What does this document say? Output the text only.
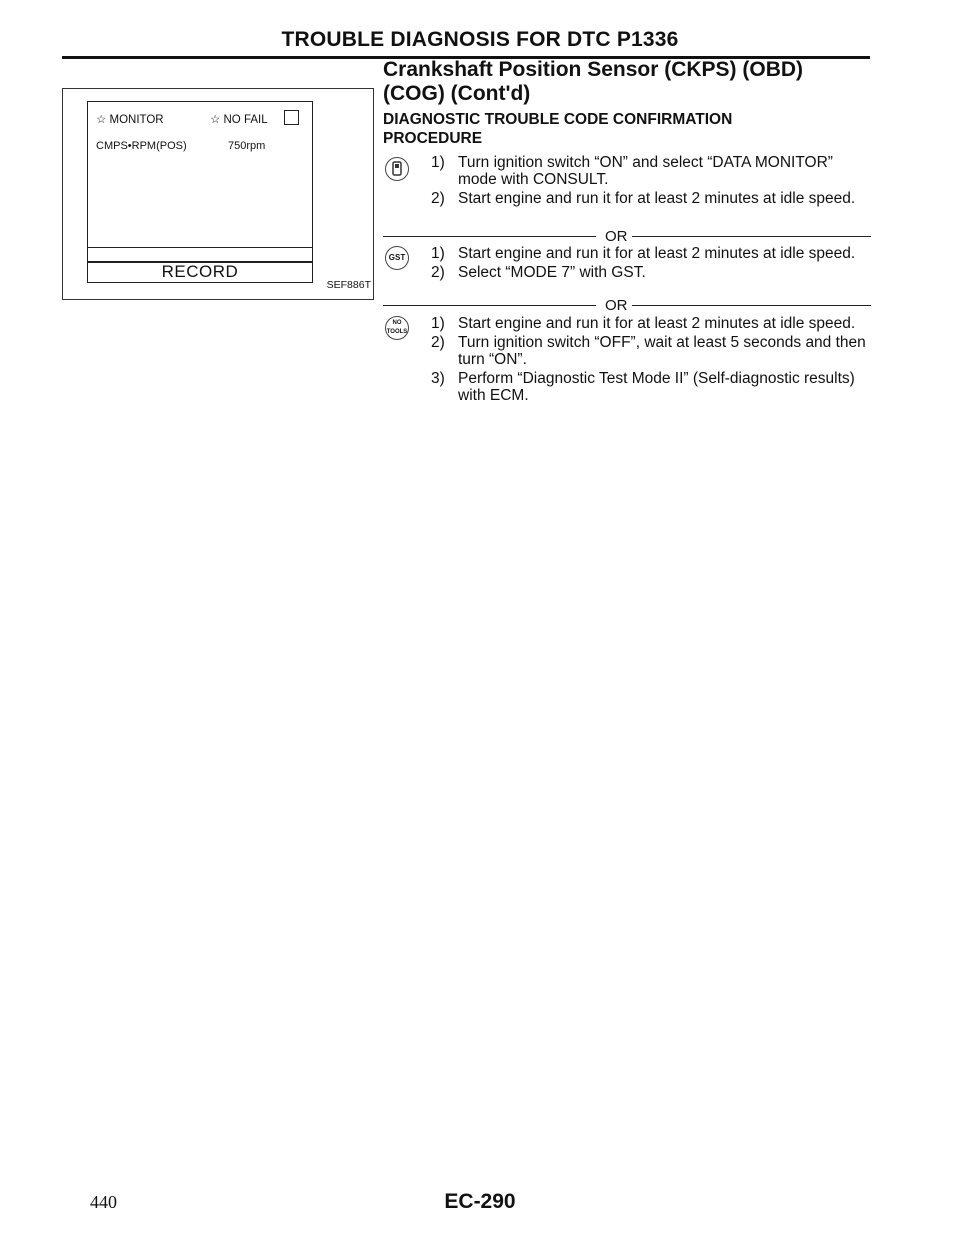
TROUBLE DIAGNOSIS FOR DTC P1336
☆ MONITOR	☆ NO FAIL
CMPS•RPM(POS)	750rpm
RECORD
SEF886T
Crankshaft Position Sensor (CKPS) (OBD)
(COG) (Cont'd)
DIAGNOSTIC TROUBLE CODE CONFIRMATION
PROCEDURE
1) Turn ignition switch “ON” and select “DATA MONITOR” mode with CONSULT.
2) Start engine and run it for at least 2 minutes at idle speed.
OR
GST 1) Start engine and run it for at least 2 minutes at idle speed.
2) Select “MODE 7” with GST.
OR
NO TOOLS 1) Start engine and run it for at least 2 minutes at idle speed.
2) Turn ignition switch “OFF”, wait at least 5 seconds and then turn “ON”.
3) Perform “Diagnostic Test Mode II” (Self-diagnostic results) with ECM.
440	EC-290
